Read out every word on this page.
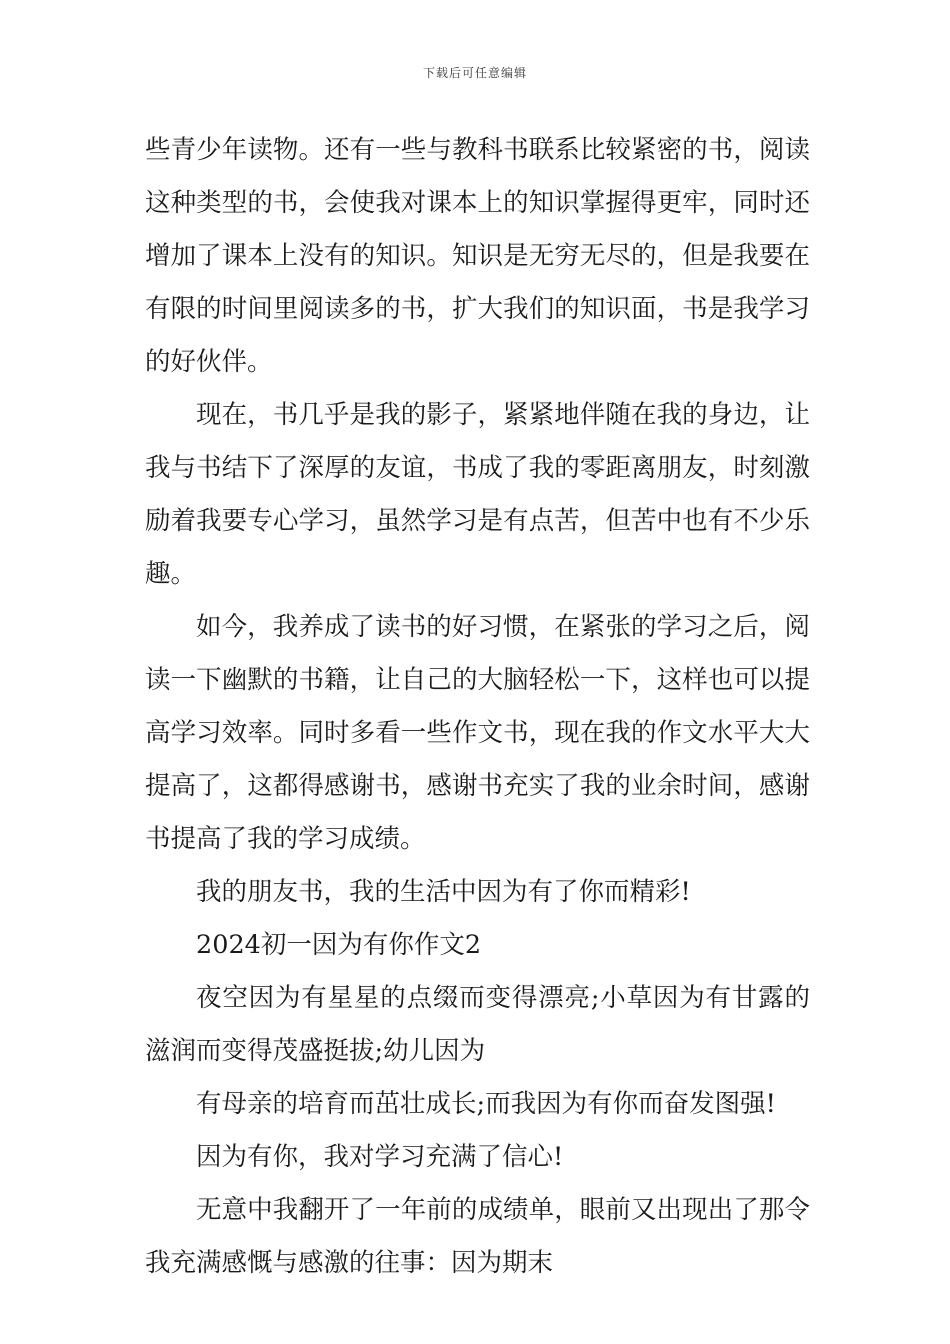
下载后可任意编辑

些青少年读物。还有一些与教科书联系比较紧密的书，阅读这种类型的书，会使我对课本上的知识掌握得更牢，同时还增加了课本上没有的知识。知识是无穷无尽的，但是我要在有限的时间里阅读多的书，扩大我们的知识面，书是我学习的好伙伴。

现在，书几乎是我的影子，紧紧地伴随在我的身边，让我与书结下了深厚的友谊，书成了我的零距离朋友，时刻激励着我要专心学习，虽然学习是有点苦，但苦中也有不少乐趣。

如今，我养成了读书的好习惯，在紧张的学习之后，阅读一下幽默的书籍，让自己的大脑轻松一下，这样也可以提高学习效率。同时多看一些作文书，现在我的作文水平大大提高了，这都得感谢书，感谢书充实了我的业余时间，感谢书提高了我的学习成绩。

我的朋友书，我的生活中因为有了你而精彩!

2024初一因为有你作文2

夜空因为有星星的点缀而变得漂亮;小草因为有甘露的滋润而变得茂盛挺拔;幼儿因为

有母亲的培育而茁壮成长;而我因为有你而奋发图强!

因为有你，我对学习充满了信心!

无意中我翻开了一年前的成绩单，眼前又出现出了那令我充满感慨与感激的往事：因为期末
